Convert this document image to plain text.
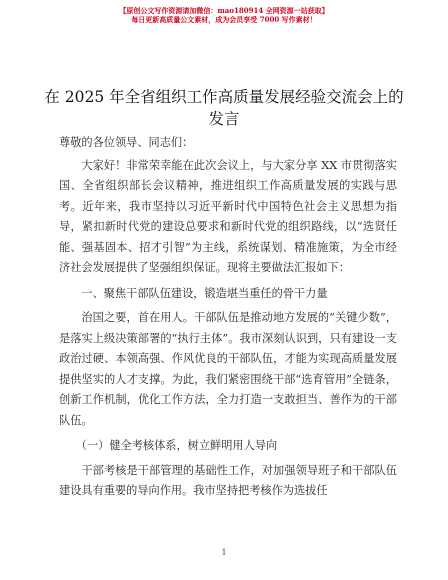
【原创公文写作资源请加微信：mao180914 全网资源一站获取】
每日更新高质量公文素材，成为会员享受 7000 写作素材！
在 2025 年全省组织工作高质量发展经验交流会上的发言

尊敬的各位领导、同志们：

大家好！非常荣幸能在此次会议上，与大家分享 XX 市贯彻落实国、全省组织部长会议精神，推进组织工作高质量发展的实践与思考。近年来，我市坚持以习近平新时代中国特色社会主义思想为指导，紧扣新时代党的建设总要求和新时代党的组织路线，以“选贤任能、强基固本、招才引智”为主线，系统谋划、精准施策，为全市经济社会发展提供了坚强组织保证。现将主要做法汇报如下：

一、聚焦干部队伍建设，锻造堪当重任的骨干力量

治国之要，首在用人。干部队伍是推动地方发展的“关键少数”，是落实上级决策部署的“执行主体”。我市深刻认识到，只有建设一支政治过硬、本领高强、作风优良的干部队伍，才能为实现高质量发展提供坚实的人才支撑。为此，我们紧密围绕干部“选育管用”全链条，创新工作机制，优化工作方法，全力打造一支敢担当、善作为的干部队伍。

（一）健全考核体系，树立鲜明用人导向

干部考核是干部管理的基础性工作，对加强领导班子和干部队伍建设具有重要的导向作用。我市坚持把考核作为选拔任

1
